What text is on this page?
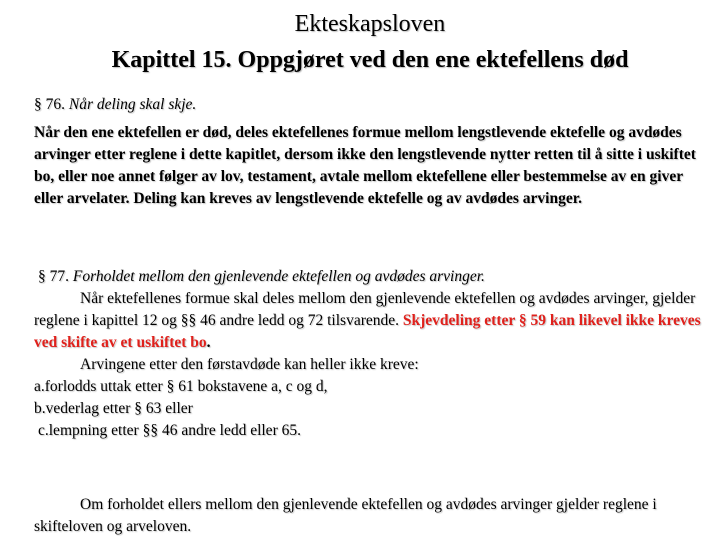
Ekteskapsloven
Kapittel 15. Oppgjøret ved den ene ektefellens død

§ 76. Når deling skal skje.

Når den ene ektefellen er død, deles ektefellenes formue mellom lengstlevende ektefelle og avdødes arvinger etter reglene i dette kapitlet, dersom ikke den lengstlevende nytter retten til å sitte i uskiftet bo, eller noe annet følger av lov, testament, avtale mellom ektefellene eller bestemmelse av en giver eller arvelater. Deling kan kreves av lengstlevende ektefelle og av avdødes arvinger.

§ 77. Forholdet mellom den gjenlevende ektefellen og avdødes arvinger.

Når ektefellenes formue skal deles mellom den gjenlevende ektefellen og avdødes arvinger, gjelder reglene i kapittel 12 og §§ 46 andre ledd og 72 tilsvarende. Skjevdeling etter § 59 kan likevel ikke kreves ved skifte av et uskiftet bo.

Arvingene etter den førstavdøde kan heller ikke kreve:

a.forlodds uttak etter § 61 bokstavene a, c og d,

b.vederlag etter § 63 eller

c.lempning etter §§ 46 andre ledd eller 65.

Om forholdet ellers mellom den gjenlevende ektefellen og avdødes arvinger gjelder reglene i skifteloven og arveloven.
